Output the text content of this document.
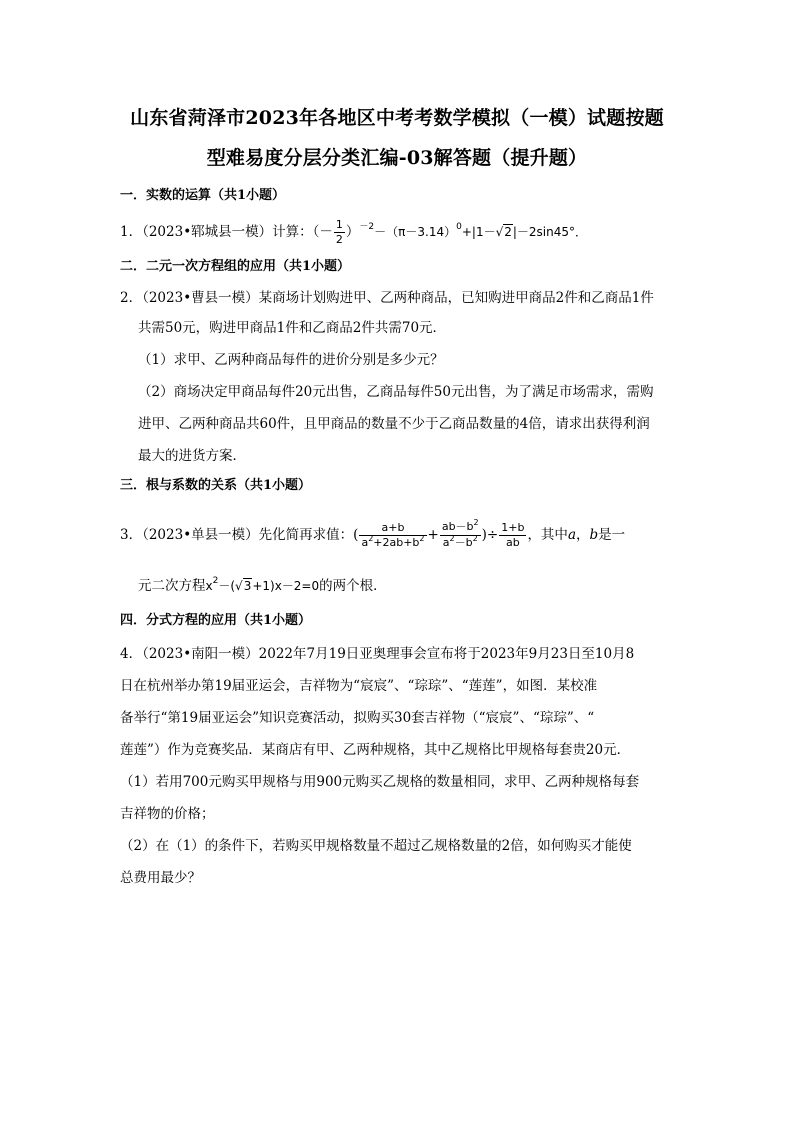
山东省菏泽市2023年各地区中考考数学模拟（一模）试题按题
型难易度分层分类汇编-03解答题（提升题）
一．实数的运算（共1小题）
1．（2023•郓城县一模）计算：（－ $\frac{1}{2} )^{-2}-(\pi-3.14)^0+|1-√2|-2\sin 45^\circ$．
二．二元一次方程组的应用（共1小题）
2．（2023•曹县一模）某商场计划购进甲、乙两种商品，已知购进甲商品2件和乙商品1件
共需50元，购进甲商品1件和乙商品2件共需70元．
（1）求甲、乙两种商品每件的进价分别是多少元？
（2）商场决定甲商品每件20元出售，乙商品每件50元出售，为了满足市场需求，需购
进甲、乙两种商品共60件，且甲商品的数量不少于乙商品数量的4倍，请求出获得利润
最大的进货方案．
三．根与系数的关系（共1小题）
3．（2023•单县一模）先化简再求值：( $\frac{a+b}{a^2+2ab+b^2} + \frac{ab-b^2}{a^2-b^2}$ )÷ $\frac{1+b}{ab}$ ，其中a，b是一
元二次方程$x^2-(√3+1)x-2=0$的两个根．
四．分式方程的应用（共1小题）
4．（2023•南阳一模）2022年7月19日亚奥理事会宣布将于2023年9月23日至10月8
日在杭州举办第19届亚运会，吉祥物为“宸宸”、“琮琮”、“莲莲”，如图．某校准
备举行“第19届亚运会”知识竞赛活动，拟购买30套吉祥物（“宸宸”、“琮琮”、“
莲莲”）作为竞赛奖品．某商店有甲、乙两种规格，其中乙规格比甲规格每套贵20元．
（1）若用700元购买甲规格与用900元购买乙规格的数量相同，求甲、乙两种规格每套
吉祥物的价格；
（2）在（1）的条件下，若购买甲规格数量不超过乙规格数量的2倍，如何购买才能使
总费用最少？
